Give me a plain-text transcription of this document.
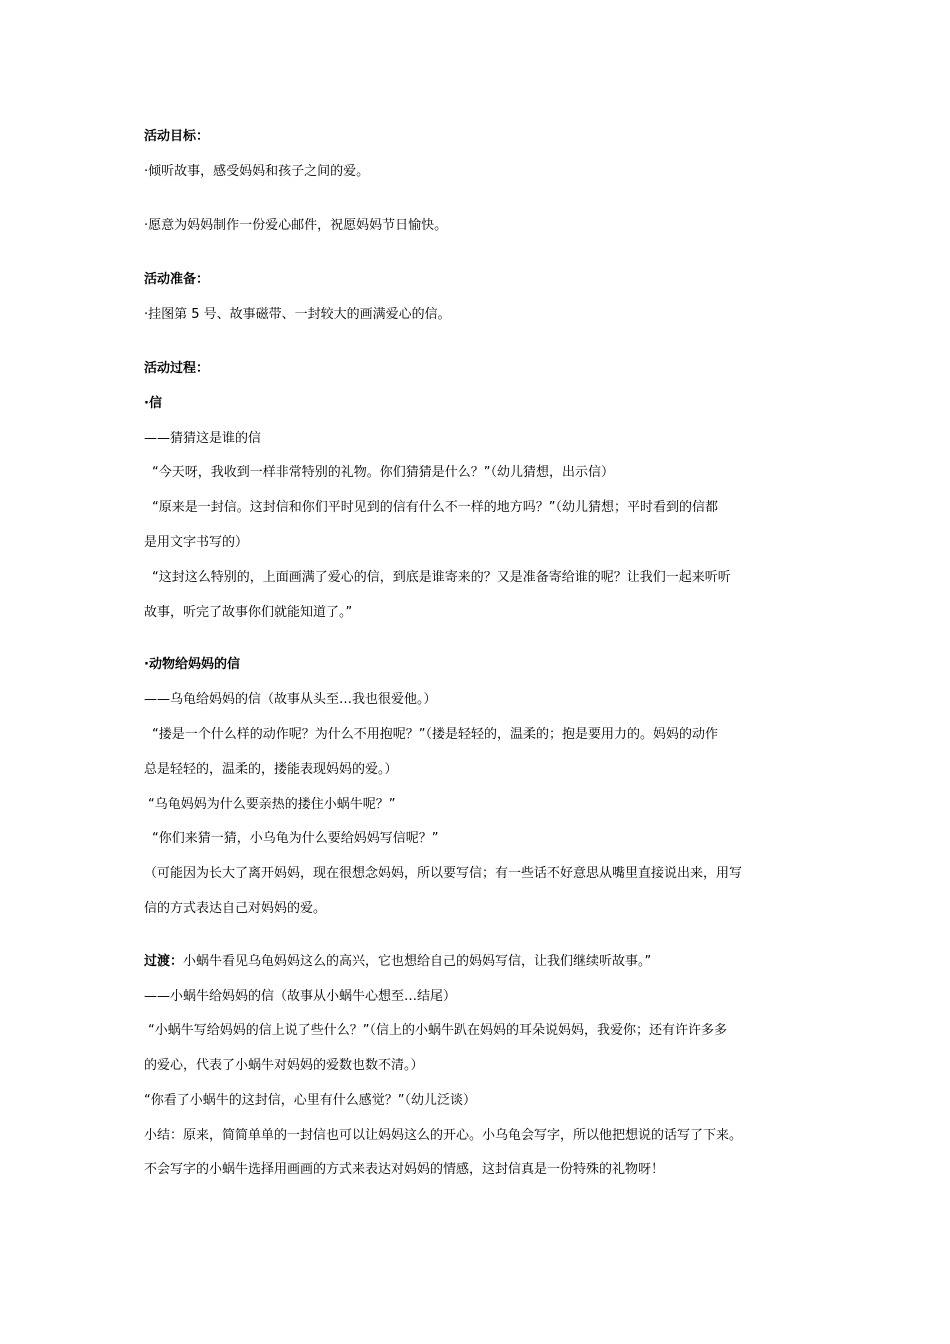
活动目标：
·倾听故事，感受妈妈和孩子之间的爱。
·愿意为妈妈制作一份爱心邮件，祝愿妈妈节日愉快。
活动准备：
·挂图第 5 号、故事磁带、一封较大的画满爱心的信。
活动过程：
·信
——猜猜这是谁的信
“今天呀，我收到一样非常特别的礼物。你们猜猜是什么？”（幼儿猜想，出示信）
“原来是一封信。这封信和你们平时见到的信有什么不一样的地方吗？”（幼儿猜想；平时看到的信都
是用文字书写的）
“这封这么特别的，上面画满了爱心的信，到底是谁寄来的？又是准备寄给谁的呢？让我们一起来听听
故事，听完了故事你们就能知道了。”
·动物给妈妈的信
——乌龟给妈妈的信（故事从头至…我也很爱他。）
“搂是一个什么样的动作呢？为什么不用抱呢？”（搂是轻轻的，温柔的；抱是要用力的。妈妈的动作
总是轻轻的，温柔的，搂能表现妈妈的爱。）
“乌龟妈妈为什么要亲热的搂住小蜗牛呢？”
“你们来猜一猜，小乌龟为什么要给妈妈写信呢？”
（可能因为长大了离开妈妈，现在很想念妈妈，所以要写信；有一些话不好意思从嘴里直接说出来，用写
信的方式表达自己对妈妈的爱。
过渡：小蜗牛看见乌龟妈妈这么的高兴，它也想给自己的妈妈写信，让我们继续听故事。”
——小蜗牛给妈妈的信（故事从小蜗牛心想至…结尾）
“小蜗牛写给妈妈的信上说了些什么？”（信上的小蜗牛趴在妈妈的耳朵说妈妈，我爱你；还有许许多多
的爱心，代表了小蜗牛对妈妈的爱数也数不清。）
“你看了小蜗牛的这封信，心里有什么感觉？”（幼儿泛谈）
小结：原来，简简单单的一封信也可以让妈妈这么的开心。小乌龟会写字，所以他把想说的话写了下来。
不会写字的小蜗牛选择用画画的方式来表达对妈妈的情感，这封信真是一份特殊的礼物呀！
